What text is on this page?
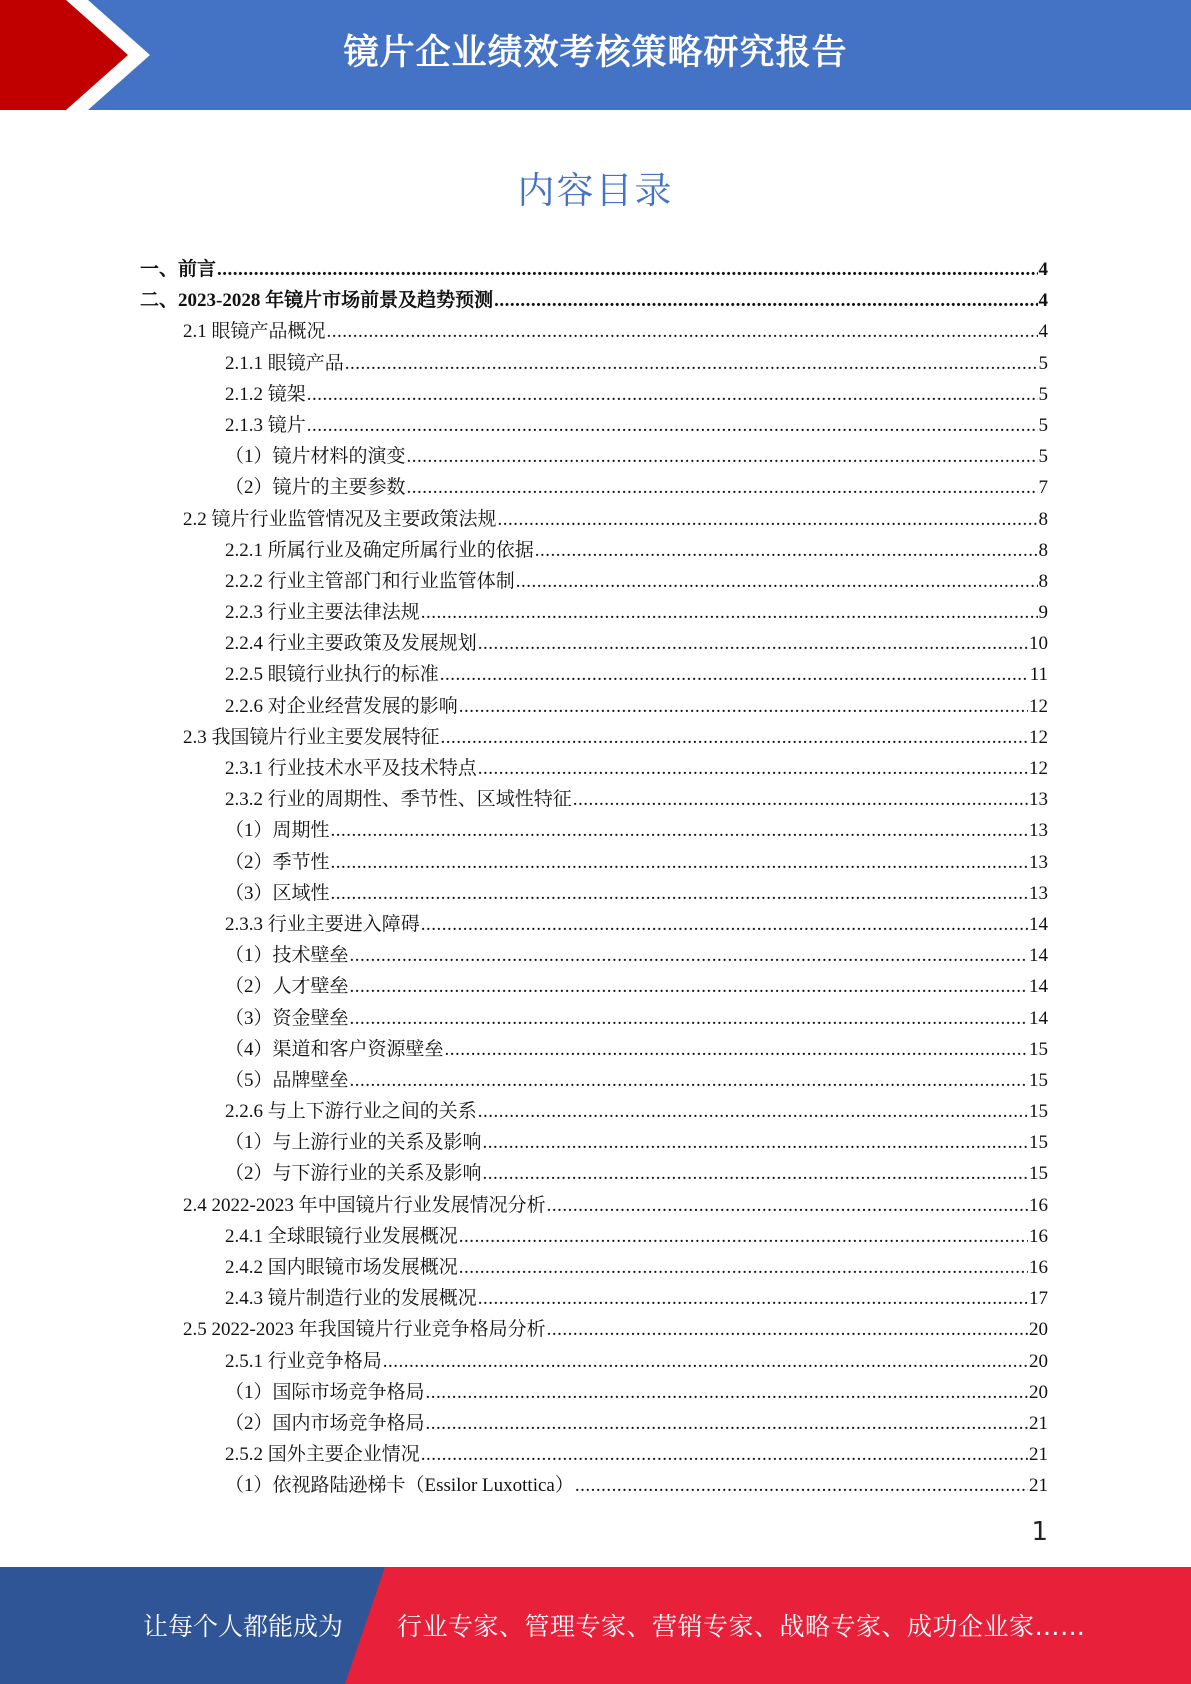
镜片企业绩效考核策略研究报告
内容目录
一、前言 .....	4
二、2023-2028 年镜片市场前景及趋势预测 .....	4
2.1 眼镜产品概况 .....	4
2.1.1 眼镜产品 .....	5
2.1.2 镜架 .....	5
2.1.3 镜片 .....	5
（1）镜片材料的演变 .....	5
（2）镜片的主要参数 .....	7
2.2 镜片行业监管情况及主要政策法规 .....	8
2.2.1 所属行业及确定所属行业的依据 .....	8
2.2.2 行业主管部门和行业监管体制 .....	8
2.2.3 行业主要法律法规 .....	9
2.2.4 行业主要政策及发展规划 .....	10
2.2.5 眼镜行业执行的标准 .....	11
2.2.6 对企业经营发展的影响 .....	12
2.3 我国镜片行业主要发展特征 .....	12
2.3.1 行业技术水平及技术特点 .....	12
2.3.2 行业的周期性、季节性、区域性特征 .....	13
（1）周期性 .....	13
（2）季节性 .....	13
（3）区域性 .....	13
2.3.3 行业主要进入障碍 .....	14
（1）技术壁垒 .....	14
（2）人才壁垒 .....	14
（3）资金壁垒 .....	14
（4）渠道和客户资源壁垒 .....	15
（5）品牌壁垒 .....	15
2.2.6 与上下游行业之间的关系 .....	15
（1）与上游行业的关系及影响 .....	15
（2）与下游行业的关系及影响 .....	15
2.4 2022-2023 年中国镜片行业发展情况分析 .....	16
2.4.1 全球眼镜行业发展概况 .....	16
2.4.2 国内眼镜市场发展概况 .....	16
2.4.3 镜片制造行业的发展概况 .....	17
2.5 2022-2023 年我国镜片行业竞争格局分析 .....	20
2.5.1 行业竞争格局 .....	20
（1）国际市场竞争格局 .....	20
（2）国内市场竞争格局 .....	21
2.5.2 国外主要企业情况 .....	21
（1）依视路陆逊梯卡（Essilor Luxottica） .....	21
1
让每个人都能成为 行业专家、管理专家、营销专家、战略专家、成功企业家……
